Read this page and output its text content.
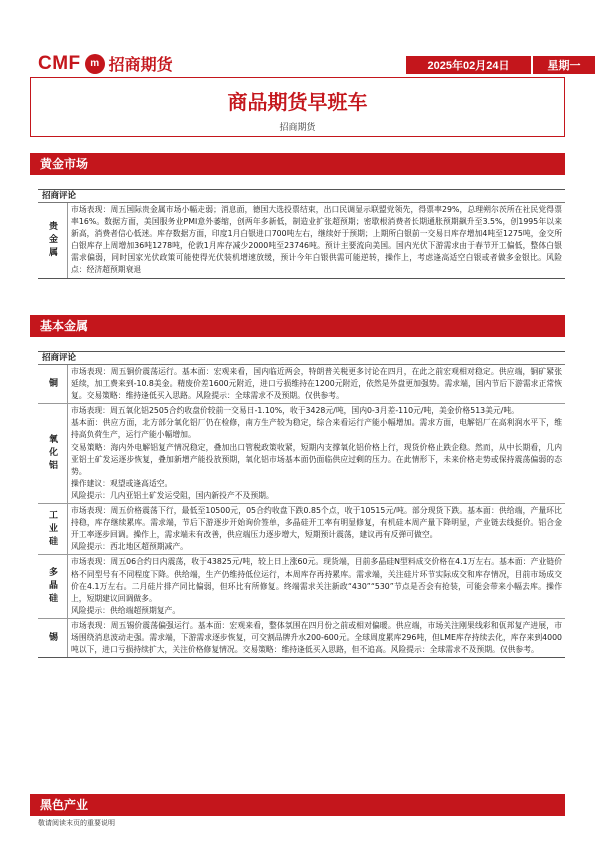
CMF m 招商期货	2025年02月24日	星期一
商品期货早班车
招商期货
黄金市场
招商评论
贵金属

市场表现：周五国际贵金属市场小幅走弱；消息面，德国大选投票结束，出口民调显示联盟党领先，得票率29%，总理朔尔茨所在社民党得票率16%。数据方面，美国服务业PMI意外萎缩，创两年多新低，制造业扩张超预期；密歇根消费者长期通胀预期飙升至3.5%，创1995年以来新高，消费者信心低迷。库存数据方面，印度1月白银进口700吨左右，继续好于预期；上期所白银前一交易日库存增加4吨至1275吨，金交所白银库存上周增加36吨1278吨，伦敦1月库存减少2000吨至23746吨。预计主要流向美国。国内光伏下游需求由于春节开工偏低，整体白银需求偏弱，同时国家光伏政策可能使得光伏装机增速放缓，预计今年白银供需可能逆转，操作上，考虑逢高适空白银或者做多金银比。风险点：经济超预期衰退

基本金属
招商评论
铜

市场表现：周五铜价震荡运行。基本面：宏观来看，国内临近两会，特朗普关税更多讨论在四月，在此之前宏观相对稳定。供应端，铜矿紧张延续，加工费来到-10.8美金。精废价差1600元附近，进口亏损维持在1200元附近，依然是外盘更加强势。需求端，国内节后下游需求正常恢复。交易策略：维持逢低买入思路。风险提示：全球需求不及预期。仅供参考。

氧化铝

市场表现：周五氧化铝2505合约收盘价较前一交易日-1.10%，收于3428元/吨，国内0-3月差-110元/吨，美金价格513美元/吨。

基本面：供应方面，北方部分氧化铝厂仍在检修，南方生产较为稳定，综合来看运行产能小幅增加。需求方面，电解铝厂在高利润水平下，维持高负荷生产，运行产能小幅增加。

交易策略：海内外电解铝复产情况稳定，叠加出口管税政策收紧，短期内支撑氧化铝价格上行，现货价格止跌企稳。然而，从中长期看，几内亚铝土矿发运逐步恢复，叠加新增产能投放预期，氧化铝市场基本面仍面临供应过剩的压力。在此情形下，未来价格走势或保持震荡偏弱的态势。

操作建议：观望或逢高适空。

风险提示：几内亚铝土矿发运受阻，国内新投产不及预期。

工业硅 市场表现：周五价格震荡下行，最低至10500元，05合约收盘下跌0.85个点，收于10515元/吨。部分现货下跌。基本面：供给端，产量环比持稳，库存继续累库。需求端，节后下游逐步开始询价签单，多晶硅开工率有明显修复，有机硅本周产量下降明显，产业链去线挺价。铝合金开工率逐步回调。操作上，需求端未有改善，供应端压力逐步增大，短期预计震荡，建议再有反弹可做空。

风险提示：西北地区超预期减产。

多晶硅

市场表现：周五06合约日内震荡，收于43825元/吨，较上日上涨60元。现货端，目前多晶硅N型料成交价格在4.1万左右。基本面：产业链价格不同型号有不同程度下降。供给端，生产仍维持低位运行，本周库存再持累库。需求端，关注硅片环节实际成交和库存情况，目前市场成交价在4.1万左右。二月硅片排产同比偏弱，但环比有所修复。终端需求关注新政“430”“530”节点是否会有抢装，可能会带来小幅去库。操作上，短期建议回调做多。

风险提示：供给端超预期复产。

锡

市场表现：周五锡价震荡偏强运行。基本面：宏观来看，整体氛围在四月份之前或相对偏暖。供应端，市场关注刚果线彩和佤邦复产进展，市场围绕消息波动走强。需求端，下游需求逐步恢复，可交割品牌升水200-600元。全球周度累库296吨，但LME库存持续去化，库存来到4000吨以下，进口亏损持续扩大，关注价格修复情况。交易策略：维持逢低买入思路，但不追高。风险提示：全球需求不及预期。仅供参考。

黑色产业
敬请阅读末页的重要说明
